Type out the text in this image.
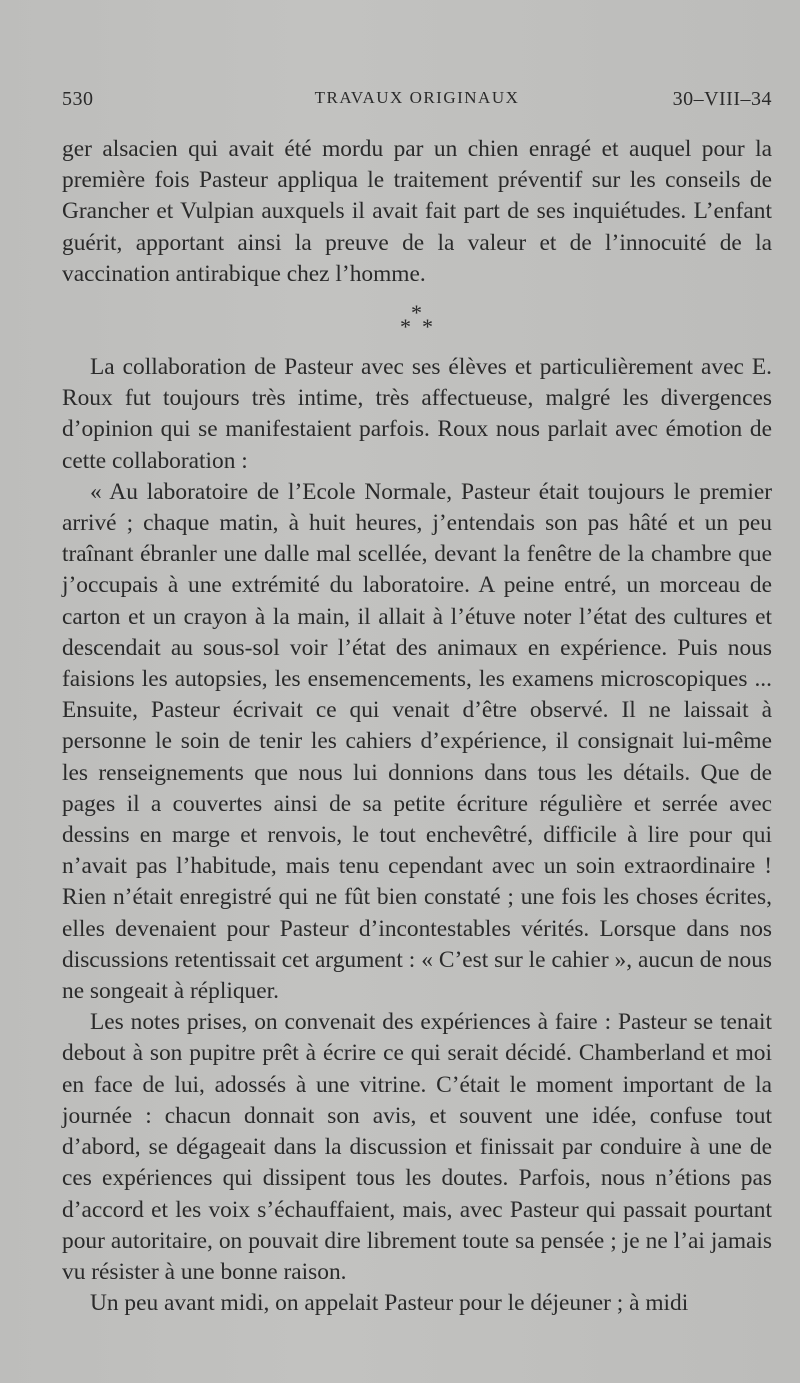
530	TRAVAUX ORIGINAUX	30–VIII–34

ger alsacien qui avait été mordu par un chien enragé et auquel pour la première fois Pasteur appliqua le traitement préventif sur les conseils de Grancher et Vulpian auxquels il avait fait part de ses inquiétudes. L’enfant guérit, apportant ainsi la preuve de la valeur et de l’innocuité de la vaccination antirabique chez l’homme.

*
* *

La collaboration de Pasteur avec ses élèves et particulièrement avec E. Roux fut toujours très intime, très affectueuse, malgré les divergences d’opinion qui se manifestaient parfois. Roux nous parlait avec émotion de cette collaboration :

« Au laboratoire de l’Ecole Normale, Pasteur était toujours le premier arrivé ; chaque matin, à huit heures, j’entendais son pas hâté et un peu traînant ébranler une dalle mal scellée, devant la fenêtre de la chambre que j’occupais à une extrémité du laboratoire. A peine entré, un morceau de carton et un crayon à la main, il allait à l’étuve noter l’état des cultures et descendait au sous-sol voir l’état des animaux en expérience. Puis nous faisions les autopsies, les ensemencements, les examens microscopiques ... Ensuite, Pasteur écrivait ce qui venait d’être observé. Il ne laissait à personne le soin de tenir les cahiers d’expérience, il consignait lui-même les renseignements que nous lui donnions dans tous les détails. Que de pages il a couvertes ainsi de sa petite écriture régulière et serrée avec dessins en marge et renvois, le tout enchevêtré, difficile à lire pour qui n’avait pas l’habitude, mais tenu cependant avec un soin extraordinaire ! Rien n’était enregistré qui ne fût bien constaté ; une fois les choses écrites, elles devenaient pour Pasteur d’incontestables vérités. Lorsque dans nos discussions retentissait cet argument : « C’est sur le cahier », aucun de nous ne songeait à répliquer.

Les notes prises, on convenait des expériences à faire : Pasteur se tenait debout à son pupitre prêt à écrire ce qui serait décidé. Chamberland et moi en face de lui, adossés à une vitrine. C’était le moment important de la journée : chacun donnait son avis, et souvent une idée, confuse tout d’abord, se dégageait dans la discussion et finissait par conduire à une de ces expériences qui dissipent tous les doutes. Parfois, nous n’étions pas d’accord et les voix s’échauffaient, mais, avec Pasteur qui passait pourtant pour autoritaire, on pouvait dire librement toute sa pensée ; je ne l’ai jamais vu résister à une bonne raison.

Un peu avant midi, on appelait Pasteur pour le déjeuner ; à midi
